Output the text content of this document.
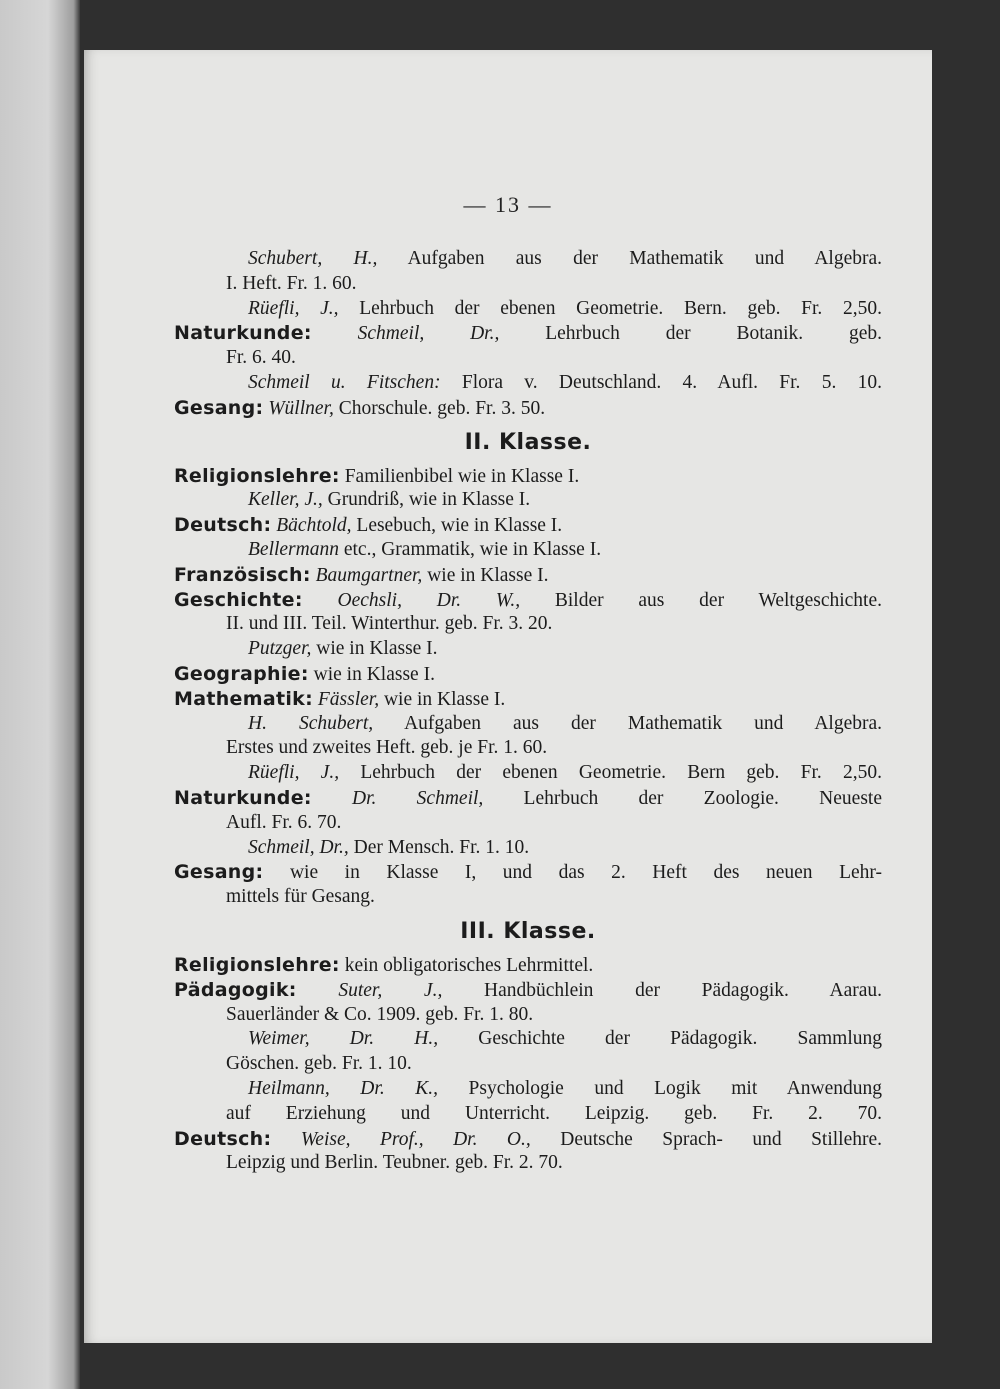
— 13 —
Schubert, H., Aufgaben aus der Mathematik und Algebra.
I. Heft. Fr. 1. 60.
Rüefli, J., Lehrbuch der ebenen Geometrie. Bern. geb. Fr. 2,50.
Naturkunde: Schmeil, Dr., Lehrbuch der Botanik. geb.
Fr. 6. 40.
Schmeil u. Fitschen: Flora v. Deutschland. 4. Aufl. Fr. 5. 10.
Gesang: Wüllner, Chorschule. geb. Fr. 3. 50.
II. Klasse.
Religionslehre: Familienbibel wie in Klasse I.
Keller, J., Grundriß, wie in Klasse I.
Deutsch: Bächtold, Lesebuch, wie in Klasse I.
Bellermann etc., Grammatik, wie in Klasse I.
Französisch: Baumgartner, wie in Klasse I.
Geschichte: Oechsli, Dr. W., Bilder aus der Weltgeschichte.
II. und III. Teil. Winterthur. geb. Fr. 3. 20.
Putzger, wie in Klasse I.
Geographie: wie in Klasse I.
Mathematik: Fässler, wie in Klasse I.
H. Schubert, Aufgaben aus der Mathematik und Algebra.
Erstes und zweites Heft. geb. je Fr. 1. 60.
Rüefli, J., Lehrbuch der ebenen Geometrie. Bern geb. Fr. 2,50.
Naturkunde: Dr. Schmeil, Lehrbuch der Zoologie. Neueste
Aufl. Fr. 6. 70.
Schmeil, Dr., Der Mensch. Fr. 1. 10.
Gesang: wie in Klasse I, und das 2. Heft des neuen Lehr-
mittels für Gesang.
III. Klasse.
Religionslehre: kein obligatorisches Lehrmittel.
Pädagogik: Suter, J., Handbüchlein der Pädagogik. Aarau.
Sauerländer & Co. 1909. geb. Fr. 1. 80.
Weimer, Dr. H., Geschichte der Pädagogik. Sammlung
Göschen. geb. Fr. 1. 10.
Heilmann, Dr. K., Psychologie und Logik mit Anwendung
auf Erziehung und Unterricht. Leipzig. geb. Fr. 2. 70.
Deutsch: Weise, Prof., Dr. O., Deutsche Sprach- und Stillehre.
Leipzig und Berlin. Teubner. geb. Fr. 2. 70.
